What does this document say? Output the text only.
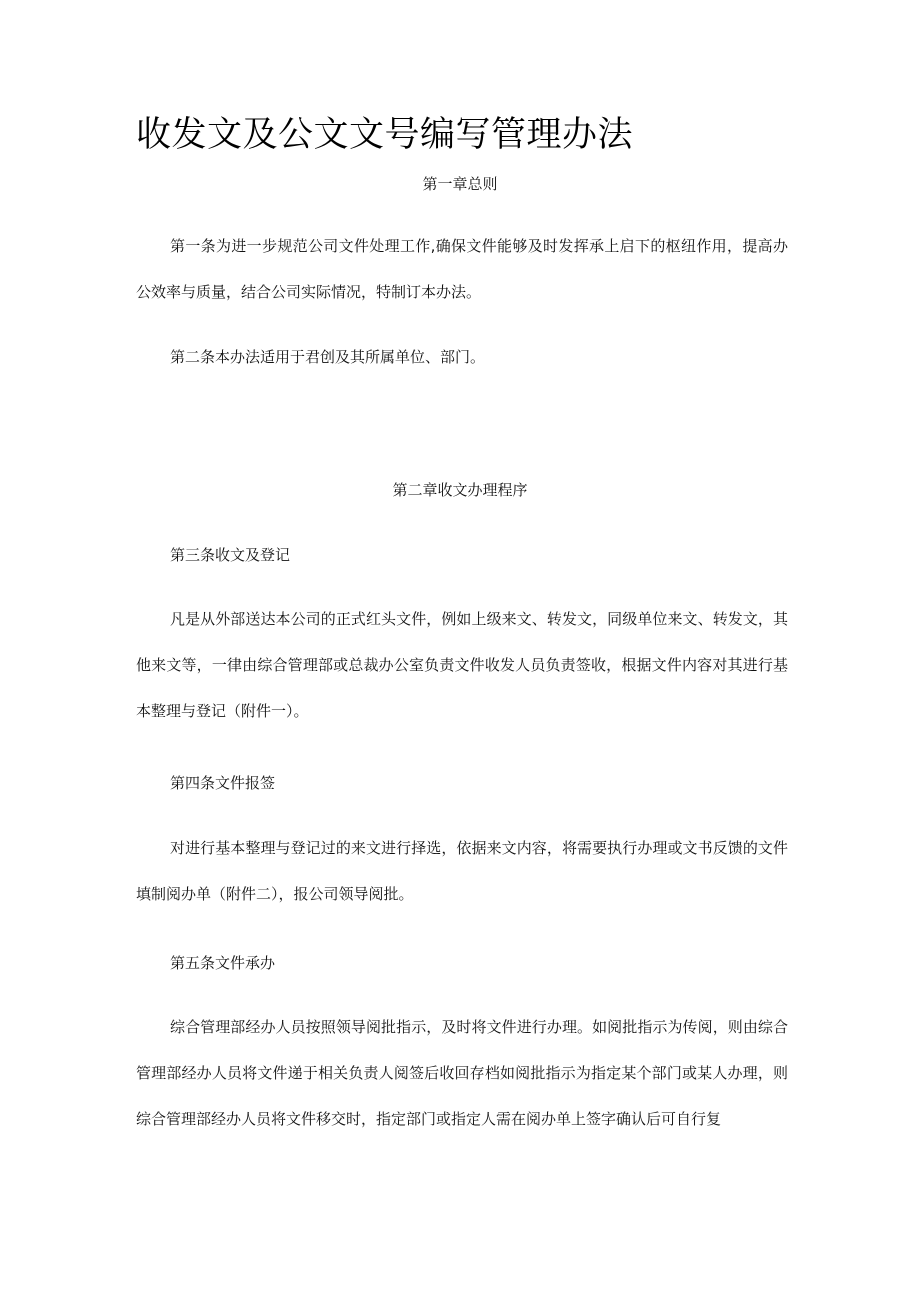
收发文及公文文号编写管理办法
第一章总则
第一条为进一步规范公司文件处理工作,确保文件能够及时发挥承上启下的枢纽作用，提高办公效率与质量，结合公司实际情况，特制订本办法。
第二条本办法适用于君创及其所属单位、部门。
第二章收文办理程序
第三条收文及登记
凡是从外部送达本公司的正式红头文件，例如上级来文、转发文，同级单位来文、转发文，其他来文等，一律由综合管理部或总裁办公室负责文件收发人员负责签收，根据文件内容对其进行基本整理与登记（附件一）。
第四条文件报签
对进行基本整理与登记过的来文进行择选，依据来文内容，将需要执行办理或文书反馈的文件填制阅办单（附件二），报公司领导阅批。
第五条文件承办
综合管理部经办人员按照领导阅批指示，及时将文件进行办理。如阅批指示为传阅，则由综合管理部经办人员将文件递于相关负责人阅签后收回存档如阅批指示为指定某个部门或某人办理，则综合管理部经办人员将文件移交时，指定部门或指定人需在阅办单上签字确认后可自行复
